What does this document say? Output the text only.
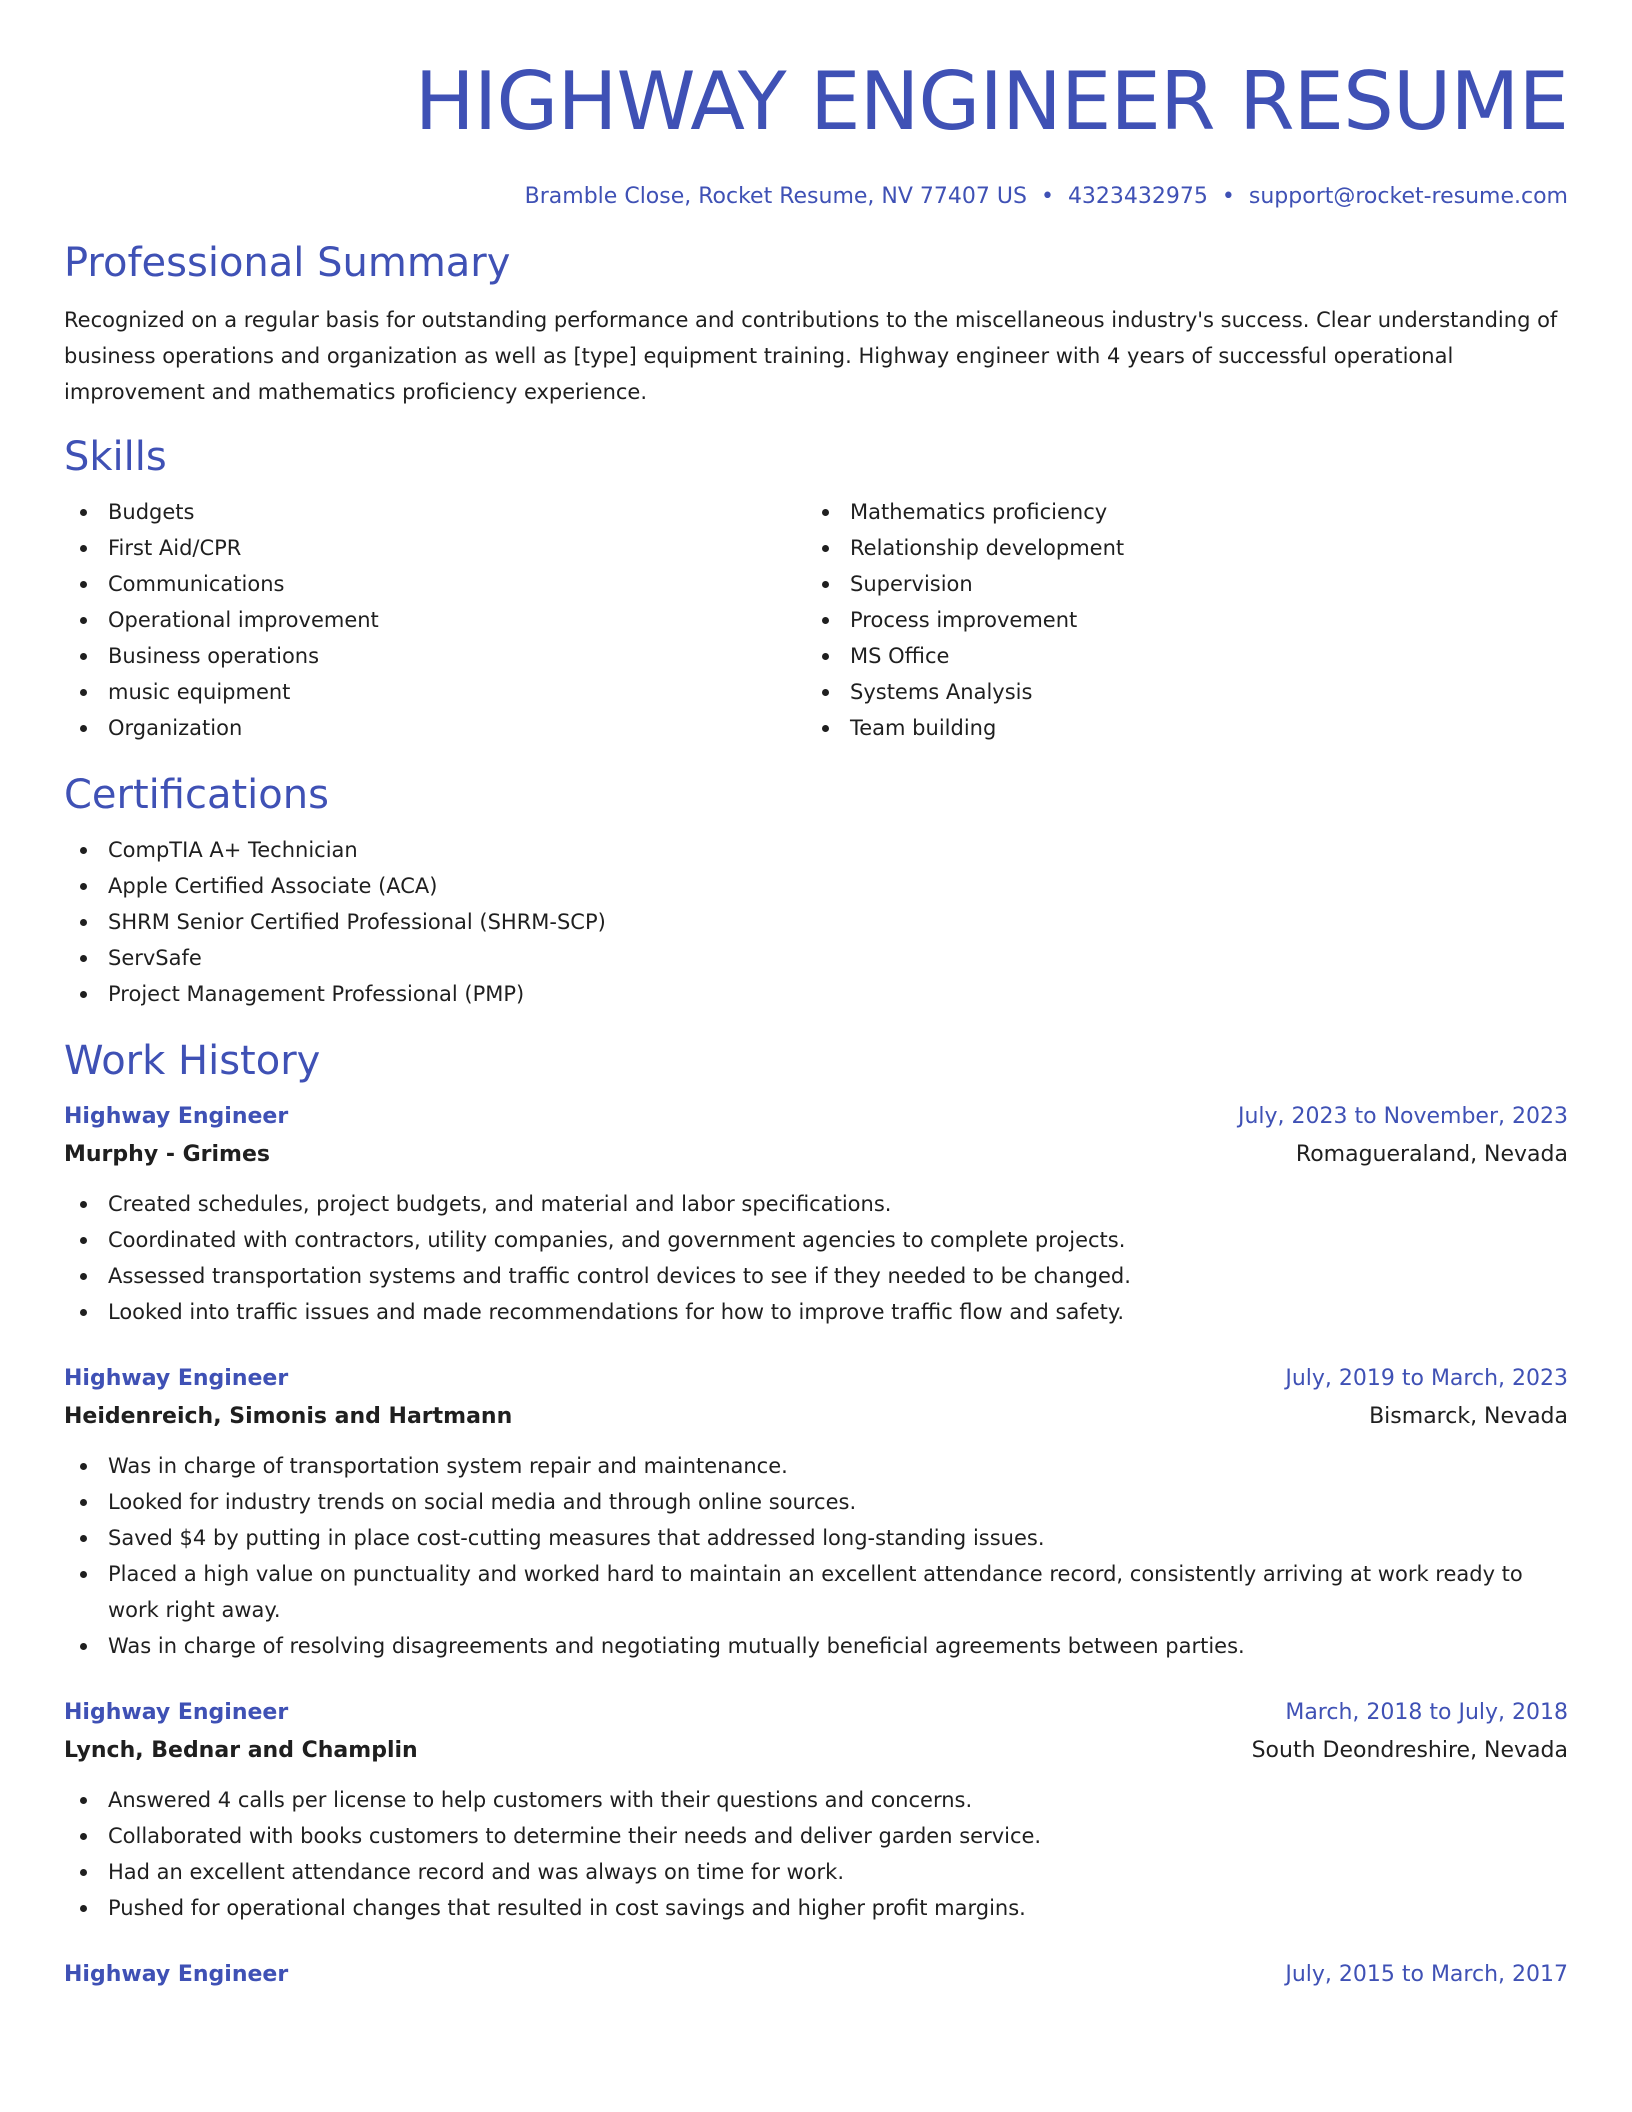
HIGHWAY ENGINEER RESUME
Bramble Close, Rocket Resume, NV 77407 US • 4323432975 • support@rocket-resume.com
Professional Summary

Recognized on a regular basis for outstanding performance and contributions to the miscellaneous industry's success. Clear understanding of business operations and organization as well as [type] equipment training. Highway engineer with 4 years of successful operational improvement and mathematics proficiency experience.

Skills
Budgets
First Aid/CPR
Communications
Operational improvement
Business operations
music equipment
Organization
Mathematics proficiency
Relationship development
Supervision
Process improvement
MS Office
Systems Analysis
Team building
Certifications
CompTIA A+ Technician
Apple Certified Associate (ACA)
SHRM Senior Certified Professional (SHRM-SCP)
ServSafe
Project Management Professional (PMP)
Work History
Highway Engineer	July, 2023 to November, 2023
Murphy - Grimes	Romagueraland, Nevada
Created schedules, project budgets, and material and labor specifications.
Coordinated with contractors, utility companies, and government agencies to complete projects.
Assessed transportation systems and traffic control devices to see if they needed to be changed.
Looked into traffic issues and made recommendations for how to improve traffic flow and safety.
Highway Engineer	July, 2019 to March, 2023
Heidenreich, Simonis and Hartmann	Bismarck, Nevada
Was in charge of transportation system repair and maintenance.
Looked for industry trends on social media and through online sources.
Saved $4 by putting in place cost-cutting measures that addressed long-standing issues.
Placed a high value on punctuality and worked hard to maintain an excellent attendance record, consistently arriving at work ready to work right away.
Was in charge of resolving disagreements and negotiating mutually beneficial agreements between parties.
Highway Engineer	March, 2018 to July, 2018
Lynch, Bednar and Champlin	South Deondreshire, Nevada
Answered 4 calls per license to help customers with their questions and concerns.
Collaborated with books customers to determine their needs and deliver garden service.
Had an excellent attendance record and was always on time for work.
Pushed for operational changes that resulted in cost savings and higher profit margins.
Highway Engineer	July, 2015 to March, 2017
